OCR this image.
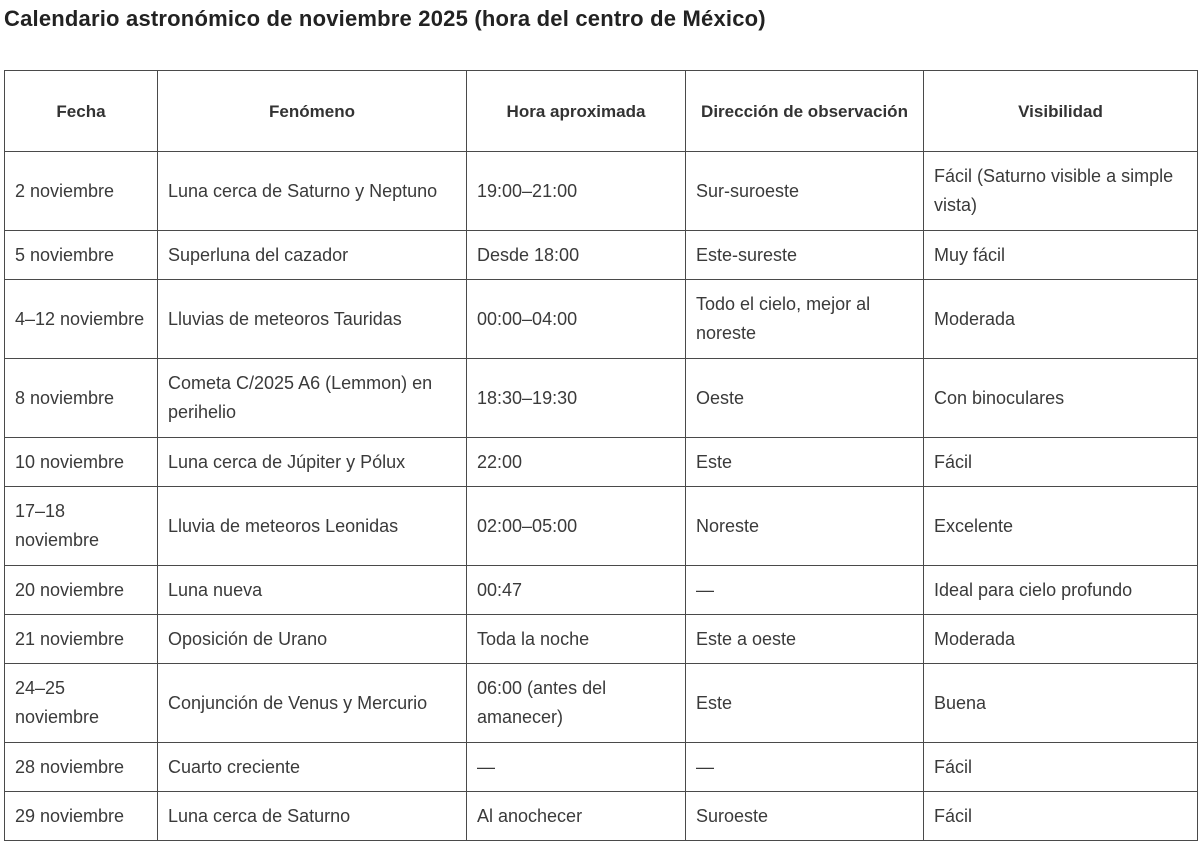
Calendario astronómico de noviembre 2025 (hora del centro de México)
Fecha	Fenómeno	Hora aproximada	Dirección de observación	Visibilidad
2 noviembre	Luna cerca de Saturno y Neptuno	19:00–21:00	Sur-suroeste	Fácil (Saturno visible a simple vista)
5 noviembre	Superluna del cazador	Desde 18:00	Este-sureste	Muy fácil
4–12 noviembre	Lluvias de meteoros Tauridas	00:00–04:00	Todo el cielo, mejor al noreste	Moderada
8 noviembre	Cometa C/2025 A6 (Lemmon) en perihelio	18:30–19:30	Oeste	Con binoculares
10 noviembre	Luna cerca de Júpiter y Pólux	22:00	Este	Fácil
17–18 noviembre	Lluvia de meteoros Leonidas	02:00–05:00	Noreste	Excelente
20 noviembre	Luna nueva	00:47	—	Ideal para cielo profundo
21 noviembre	Oposición de Urano	Toda la noche	Este a oeste	Moderada
24–25 noviembre	Conjunción de Venus y Mercurio	06:00 (antes del amanecer)	Este	Buena
28 noviembre	Cuarto creciente	—	—	Fácil
29 noviembre	Luna cerca de Saturno	Al anochecer	Suroeste	Fácil
